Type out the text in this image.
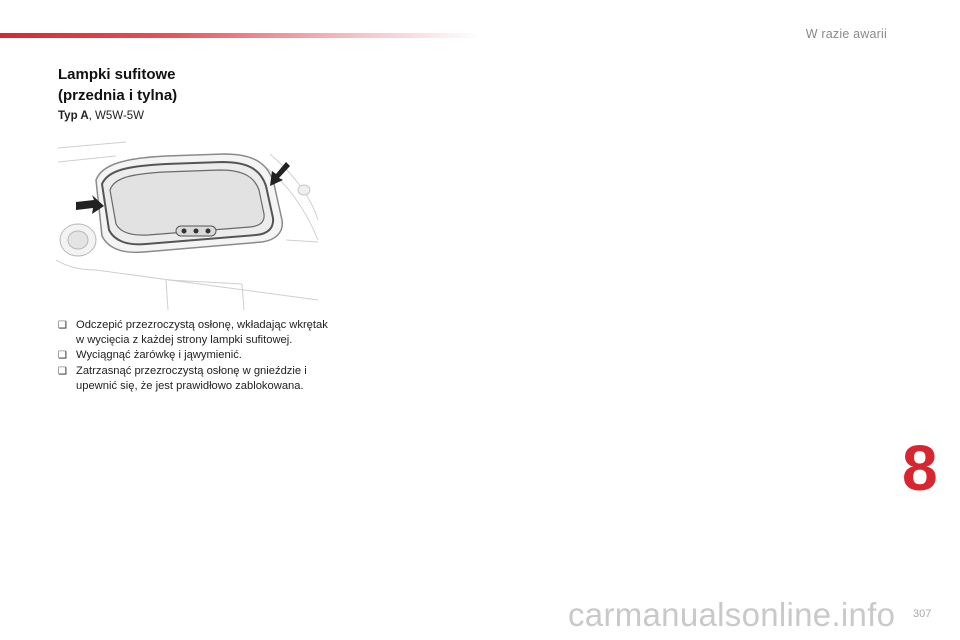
W razie awarii
Lampki sufitowe
(przednia i tylna)
Typ A, W5W-5W
❑ Odczepić przezroczystą osłonę, wkładając wkrętak w wycięcia z każdej strony lampki sufitowej.
❑ Wyciągnąć żarówkę i jąwymienić.
❑ Zatrzasnąć przezroczystą osłonę w gnieździe i upewnić się, że jest prawidłowo zablokowana.
8
carmanualsonline.info 307
